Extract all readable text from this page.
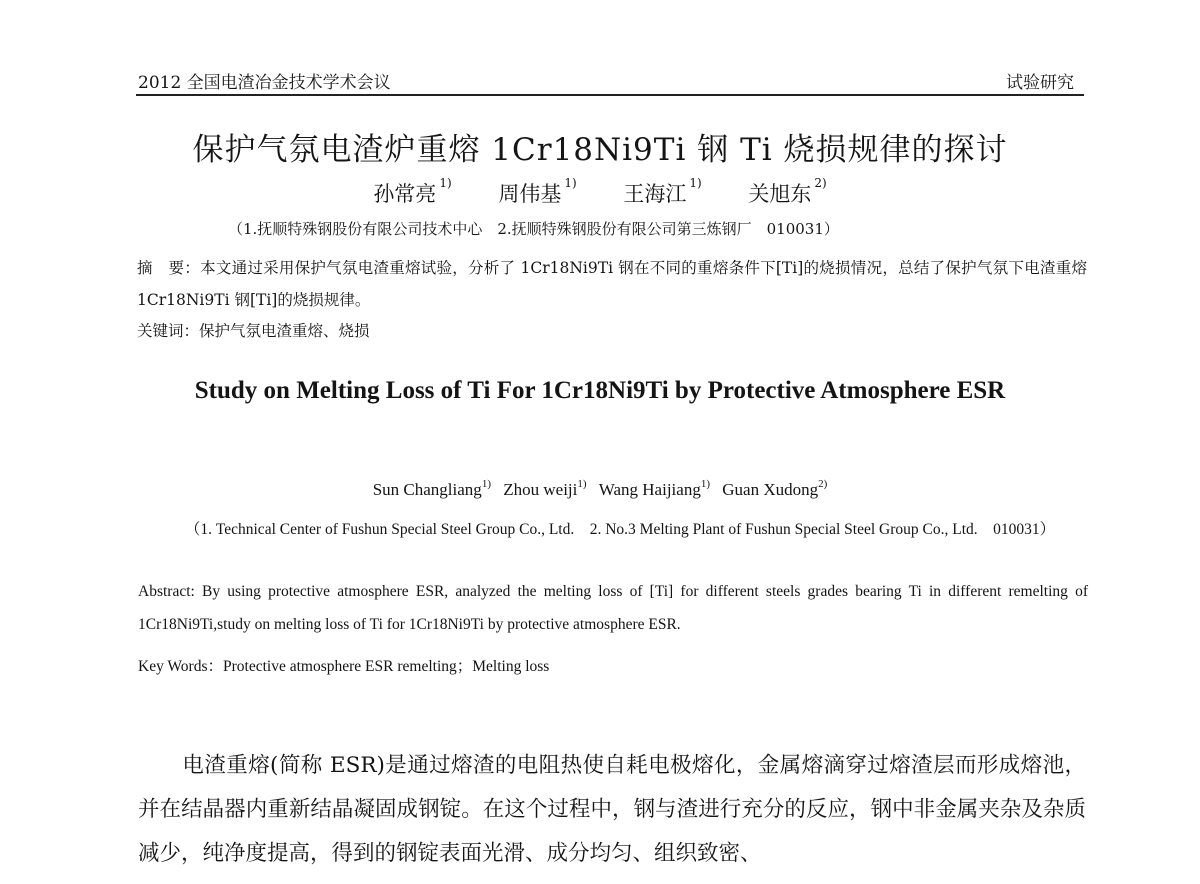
2012 全国电渣冶金技术学术会议	试验研究
保护气氛电渣炉重熔 1Cr18Ni9Ti 钢 Ti 烧损规律的探讨
孙常亮 $^{1)}$ 周伟基 $^{1)}$ 王海江 $^{1)}$ 关旭东 $^{2)}$
（1.抚顺特殊钢股份有限公司技术中心　2.抚顺特殊钢股份有限公司第三炼钢厂　010031）
摘　要：本文通过采用保护气氛电渣重熔试验，分析了 1Cr18Ni9Ti 钢在不同的重熔条件下[Ti]的烧损情况，总结了保护气氛下电渣重熔 1Cr18Ni9Ti 钢[Ti]的烧损规律。
关键词：保护气氛电渣重熔、烧损
Study on Melting Loss of Ti For 1Cr18Ni9Ti by Protective Atmosphere ESR
Sun Changliang$^{1)}$ Zhou weiji$^{1)}$ Wang Haijiang$^{1)}$ Guan Xudong$^{2)}$
（1. Technical Center of Fushun Special Steel Group Co., Ltd.　2. No.3 Melting Plant of Fushun Special Steel Group Co., Ltd.　010031）
Abstract: By using protective atmosphere ESR, analyzed the melting loss of [Ti] for different steels grades bearing Ti in different remelting of 1Cr18Ni9Ti,study on melting loss of Ti for 1Cr18Ni9Ti by protective atmosphere ESR.
Key Words：Protective atmosphere ESR remelting；Melting loss
电渣重熔(简称 ESR)是通过熔渣的电阻热使自耗电极熔化，金属熔滴穿过熔渣层而形成熔池，并在结晶器内重新结晶凝固成钢锭。在这个过程中，钢与渣进行充分的反应，钢中非金属夹杂及杂质减少，纯净度提高，得到的钢锭表面光滑、成分均匀、组织致密、
